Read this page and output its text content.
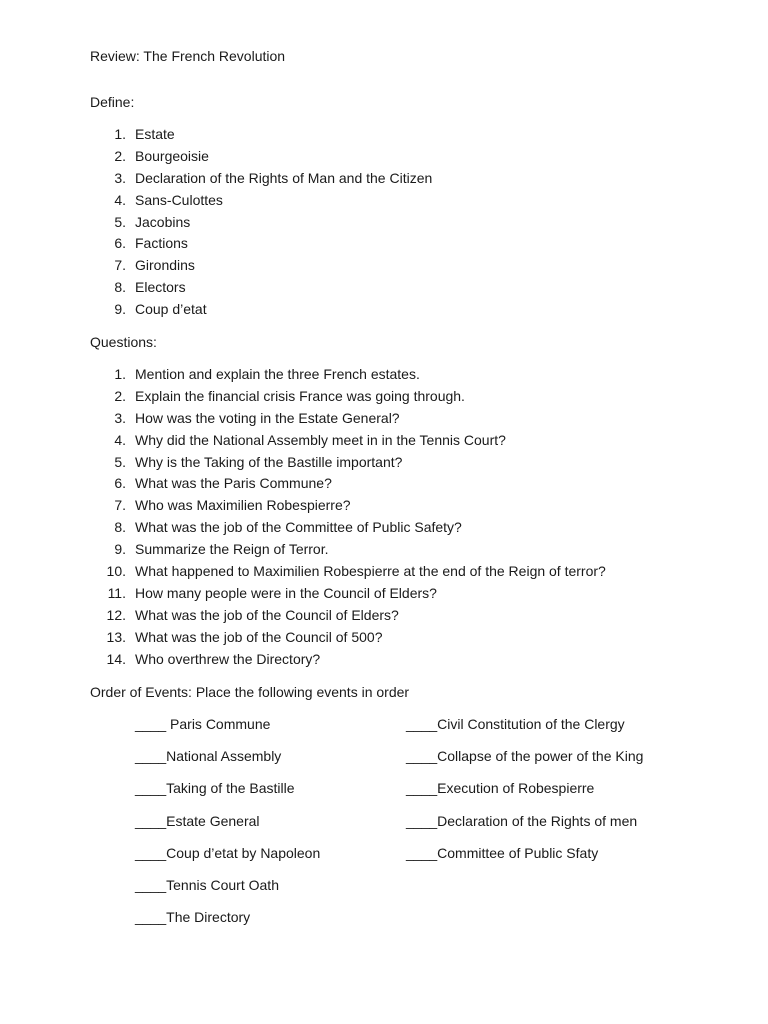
Review: The French Revolution
Define:
1. Estate
2. Bourgeoisie
3. Declaration of the Rights of Man and the Citizen
4. Sans-Culottes
5. Jacobins
6. Factions
7. Girondins
8. Electors
9. Coup d’etat
Questions:
1. Mention and explain the three French estates.
2. Explain the financial crisis France was going through.
3. How was the voting in the Estate General?
4. Why did the National Assembly meet in in the Tennis Court?
5. Why is the Taking of the Bastille important?
6. What was the Paris Commune?
7. Who was Maximilien Robespierre?
8. What was the job of the Committee of Public Safety?
9. Summarize the Reign of Terror.
10. What happened to Maximilien Robespierre at the end of the Reign of terror?
11. How many people were in the Council of Elders?
12. What was the job of the Council of Elders?
13. What was the job of the Council of 500?
14. Who overthrew the Directory?
Order of Events: Place the following events in order
____ Paris Commune
____National Assembly
____Taking of the Bastille
____Estate General
____Coup d’etat by Napoleon
____Tennis Court Oath
____The Directory
____Civil Constitution of the Clergy
____Collapse of the power of the King
____Execution of Robespierre
____Declaration of the Rights of men
____Committee of Public Sfaty
